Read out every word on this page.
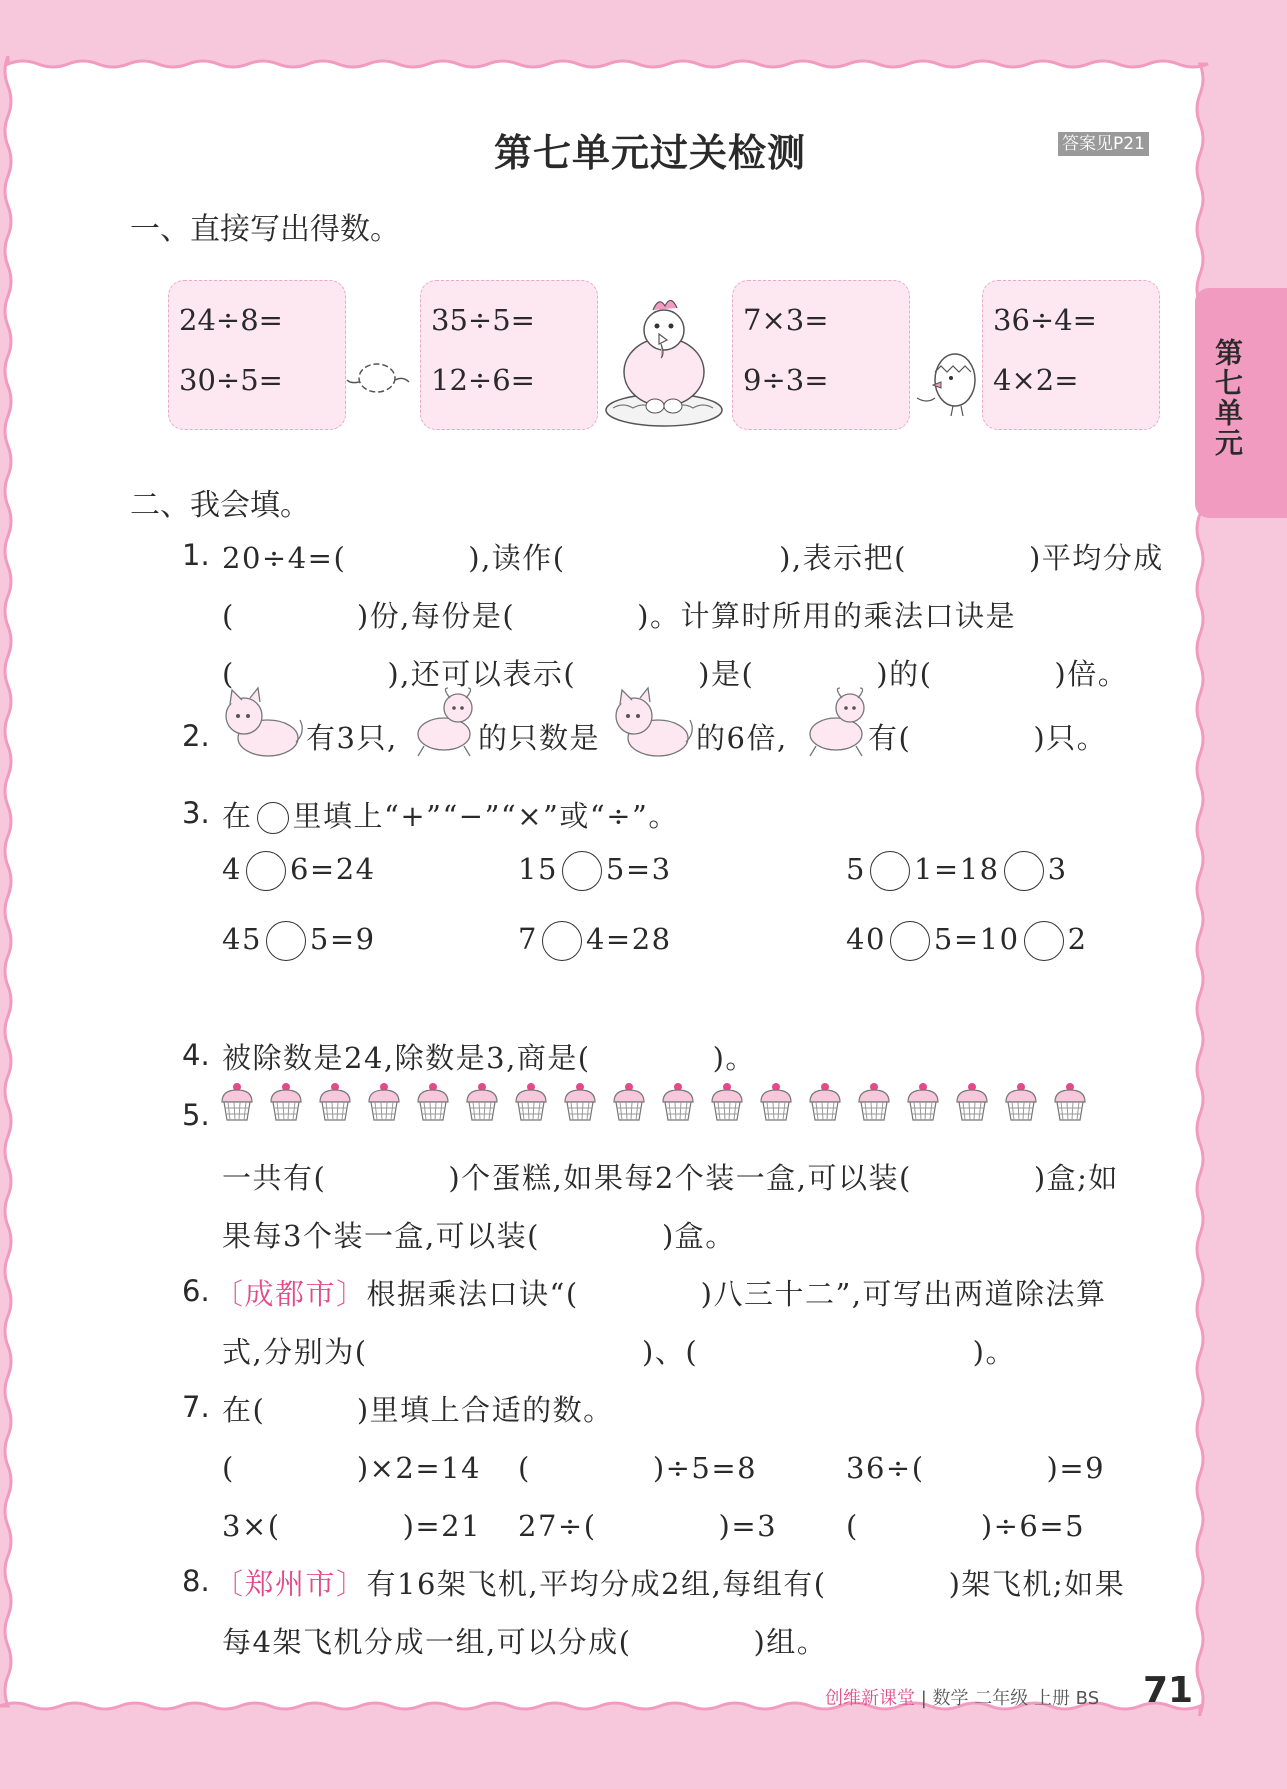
第七单元过关检测	答案见P21
一、直接写出得数。
24÷8=
30÷5=
35÷5=
12÷6=
7×3=
9÷3=
36÷4=
4×2=
二、我会填。
1. 20÷4=(　　　　),读作(　　　　　　　),表示把(　　　　)平均分成
(　　　　)份,每份是(　　　　)。计算时所用的乘法口诀是
(　　　　　),还可以表示(　　　　)是(　　　　)的(　　　　)倍。
2.	有3只,	的只数是	的6倍,	有(　　　　)只。
3. 在 里填上“+”“−”“×”或“÷”。
4 6=24	15 5=3	5 1=18 3
45 5=9	7 4=28	40 5=10 2
4. 被除数是24,除数是3,商是(　　　　)。
5.
一共有(　　　　)个蛋糕,如果每2个装一盒,可以装(　　　　)盒;如
果每3个装一盒,可以装(　　　　)盒。
6. 〔成都市〕根据乘法口诀“(　　　　)八三十二”,可写出两道除法算
式,分别为(　　　　　　　　　)、(　　　　　　　　　)。
7. 在(　　　)里填上合适的数。
(　　　　)×2=14 (　　　　)÷5=8	36÷(　　　　)=9
3×(　　　　)=21 27÷(　　　　)=3 (　　　　)÷6=5
8. 〔郑州市〕有16架飞机,平均分成2组,每组有(　　　　)架飞机;如果
每4架飞机分成一组,可以分成(　　　　)组。
创维新课堂 | 数学 二年级 上册 BS 71
第七单元
